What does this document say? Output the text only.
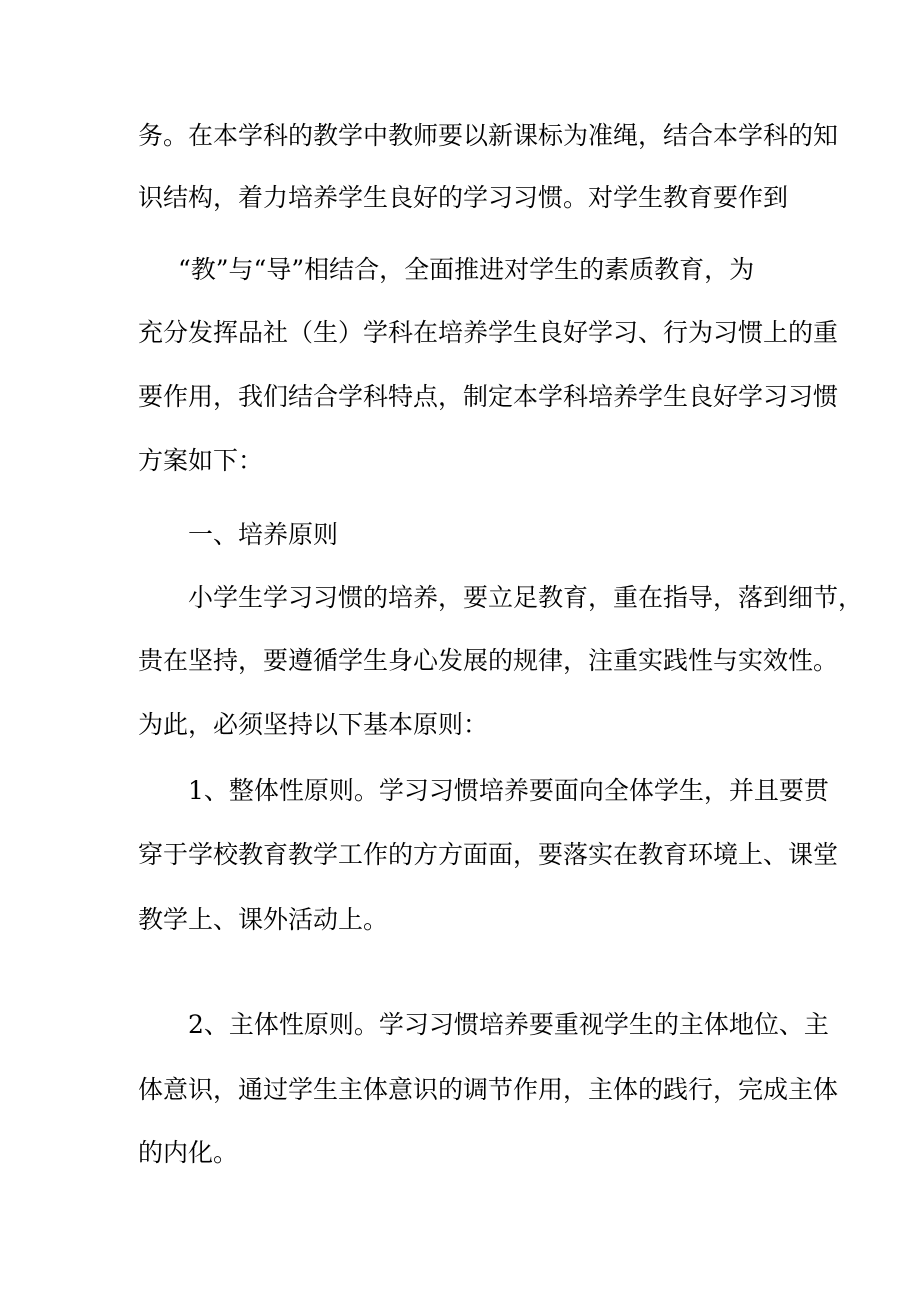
务。在本学科的教学中教师要以新课标为准绳，结合本学科的知
识结构，着力培养学生良好的学习习惯。对学生教育要作到
“教”与“导”相结合，全面推进对学生的素质教育，为
充分发挥品社（生）学科在培养学生良好学习、行为习惯上的重
要作用，我们结合学科特点，制定本学科培养学生良好学习习惯
方案如下：
一、培养原则
小学生学习习惯的培养，要立足教育，重在指导，落到细节，
贵在坚持，要遵循学生身心发展的规律，注重实践性与实效性。
为此，必须坚持以下基本原则：
1、整体性原则。学习习惯培养要面向全体学生，并且要贯
穿于学校教育教学工作的方方面面，要落实在教育环境上、课堂
教学上、课外活动上。
2、主体性原则。学习习惯培养要重视学生的主体地位、主
体意识，通过学生主体意识的调节作用，主体的践行，完成主体
的内化。
